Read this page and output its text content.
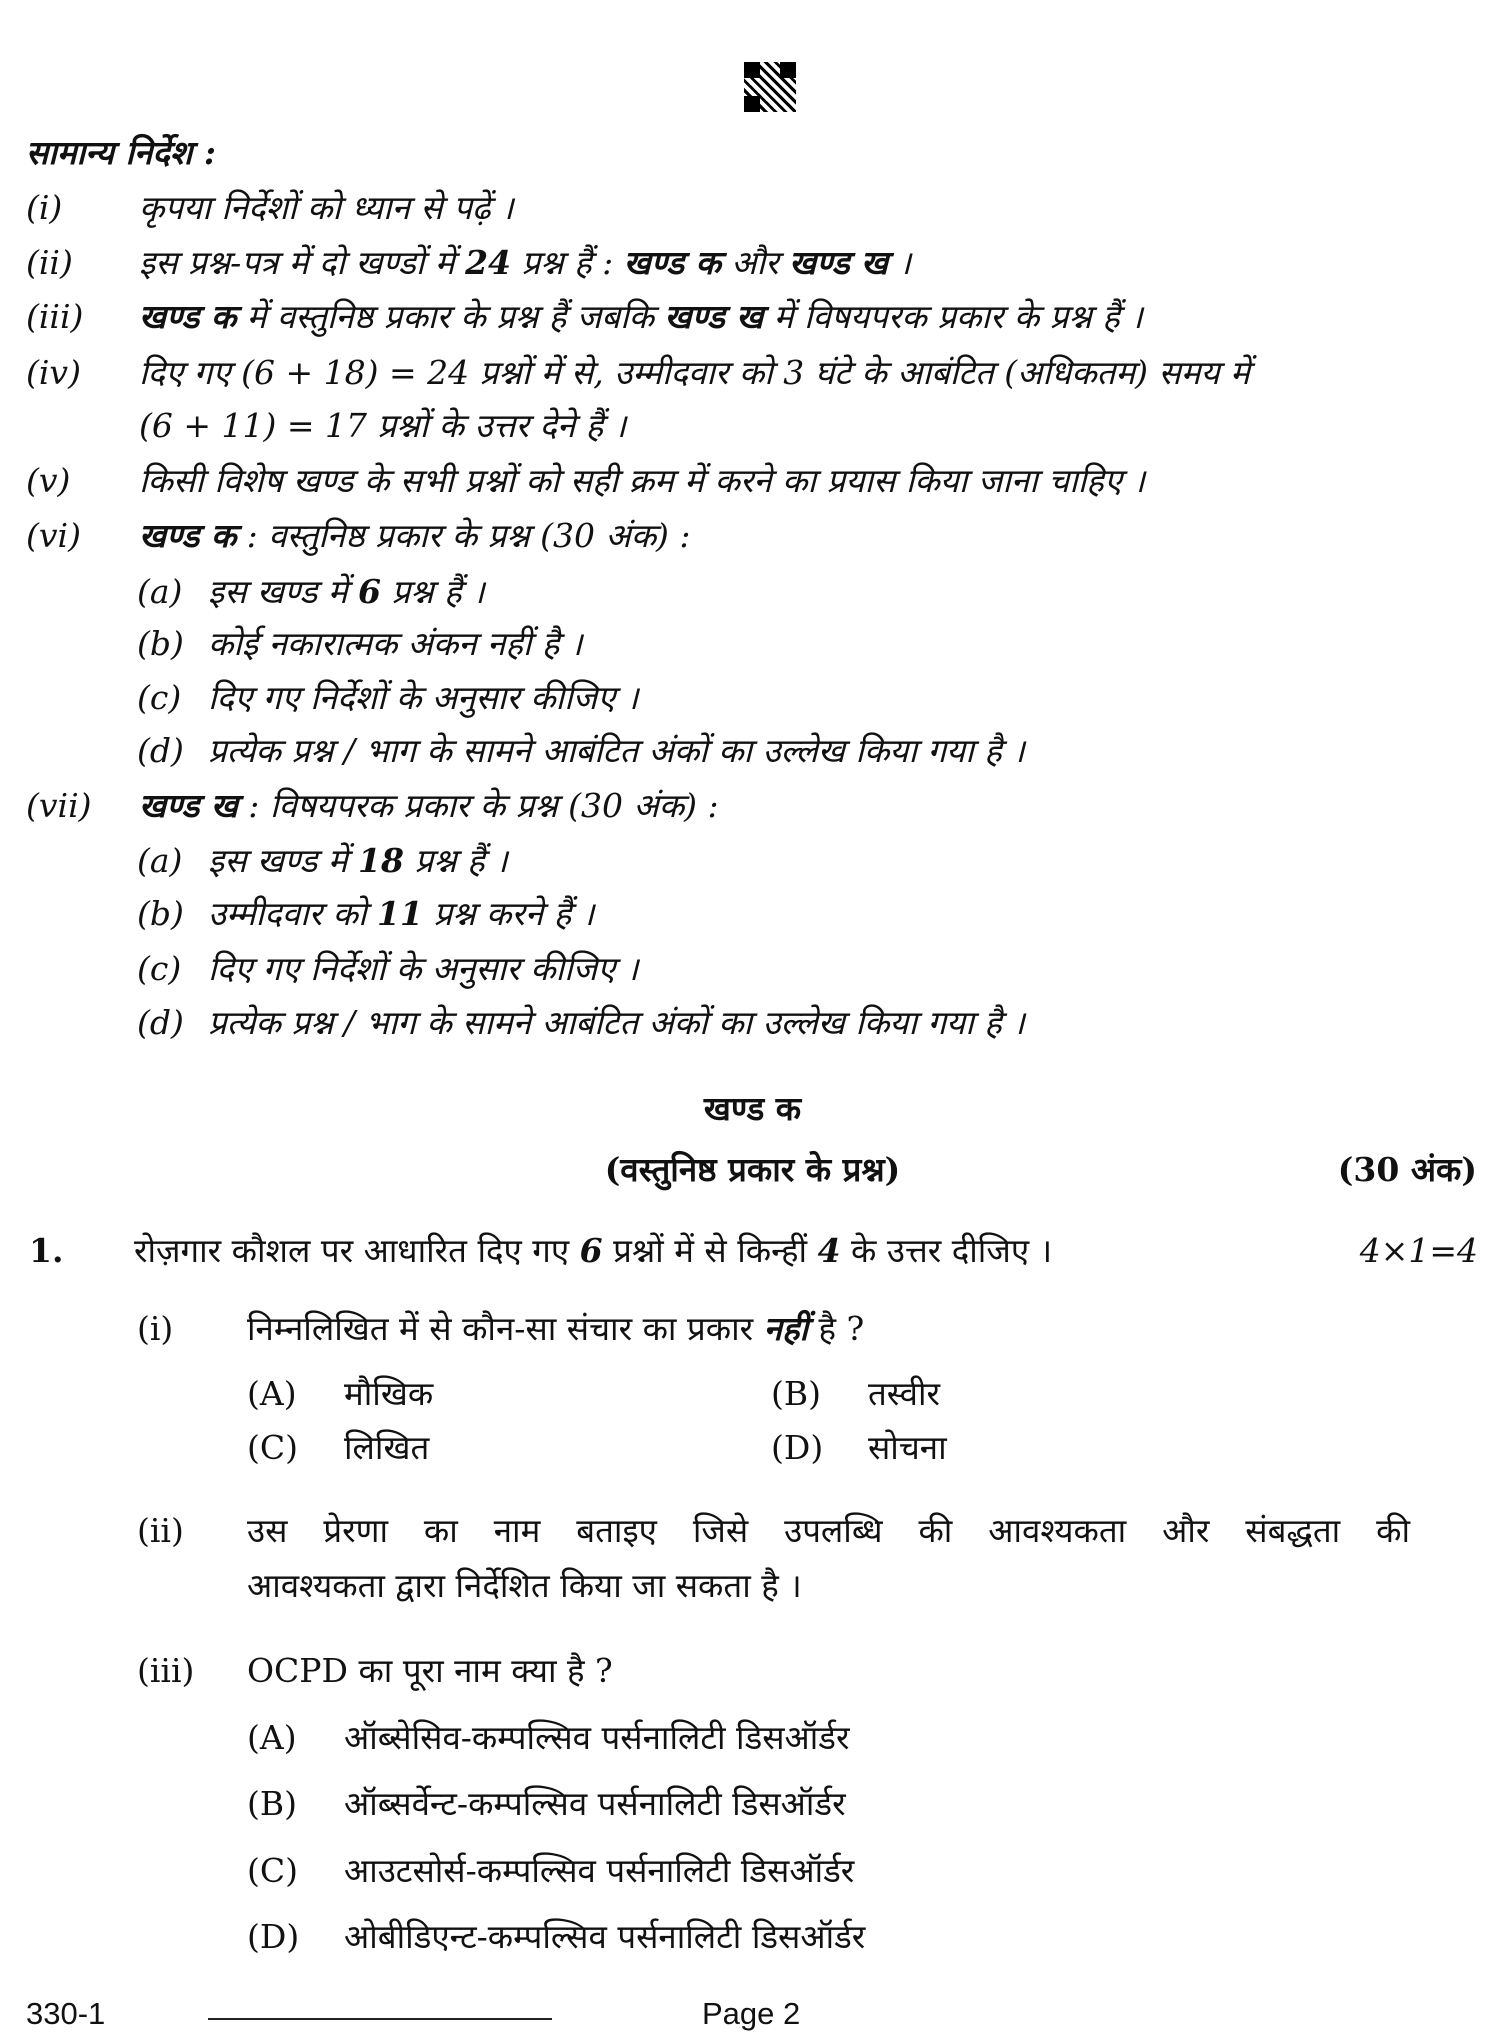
सामान्य निर्देश :
(i) कृपया निर्देशों को ध्यान से पढ़ें ।
(ii) इस प्रश्न-पत्र में दो खण्डों में 24 प्रश्न हैं : खण्ड क और खण्ड ख ।
(iii) खण्ड क में वस्तुनिष्ठ प्रकार के प्रश्न हैं जबकि खण्ड ख में विषयपरक प्रकार के प्रश्न हैं ।
(iv) दिए गए (6 + 18) = 24 प्रश्नों में से, उम्मीदवार को 3 घंटे के आबंटित (अधिकतम) समय में
(6 + 11) = 17 प्रश्नों के उत्तर देने हैं ।
(v) किसी विशेष खण्ड के सभी प्रश्नों को सही क्रम में करने का प्रयास किया जाना चाहिए ।
(vi) खण्ड क : वस्तुनिष्ठ प्रकार के प्रश्न (30 अंक) :
(a) इस खण्ड में 6 प्रश्न हैं ।
(b) कोई नकारात्मक अंकन नहीं है ।
(c) दिए गए निर्देशों के अनुसार कीजिए ।
(d) प्रत्येक प्रश्न / भाग के सामने आबंटित अंकों का उल्लेख किया गया है ।
(vii) खण्ड ख : विषयपरक प्रकार के प्रश्न (30 अंक) :
(a) इस खण्ड में 18 प्रश्न हैं ।
(b) उम्मीदवार को 11 प्रश्न करने हैं ।
(c) दिए गए निर्देशों के अनुसार कीजिए ।
(d) प्रत्येक प्रश्न / भाग के सामने आबंटित अंकों का उल्लेख किया गया है ।
खण्ड क
(वस्तुनिष्ठ प्रकार के प्रश्न)	(30 अंक)
1. रोज़गार कौशल पर आधारित दिए गए 6 प्रश्नों में से किन्हीं 4 के उत्तर दीजिए ।	4×1=4
(i) निम्नलिखित में से कौन-सा संचार का प्रकार नहीं है ?
(A) मौखिक	(B) तस्वीर
(C) लिखित	(D) सोचना
(ii) उस प्रेरणा का नाम बताइए जिसे उपलब्धि की आवश्यकता और संबद्धता की
आवश्यकता द्वारा निर्देशित किया जा सकता है ।
(iii) OCPD का पूरा नाम क्या है ?
(A) ऑब्सेसिव-कम्पल्सिव पर्सनालिटी डिसऑर्डर
(B) ऑब्सर्वेन्ट-कम्पल्सिव पर्सनालिटी डिसऑर्डर
(C) आउटसोर्स-कम्पल्सिव पर्सनालिटी डिसऑर्डर
(D) ओबीडिएन्ट-कम्पल्सिव पर्सनालिटी डिसऑर्डर
330-1	Page 2
